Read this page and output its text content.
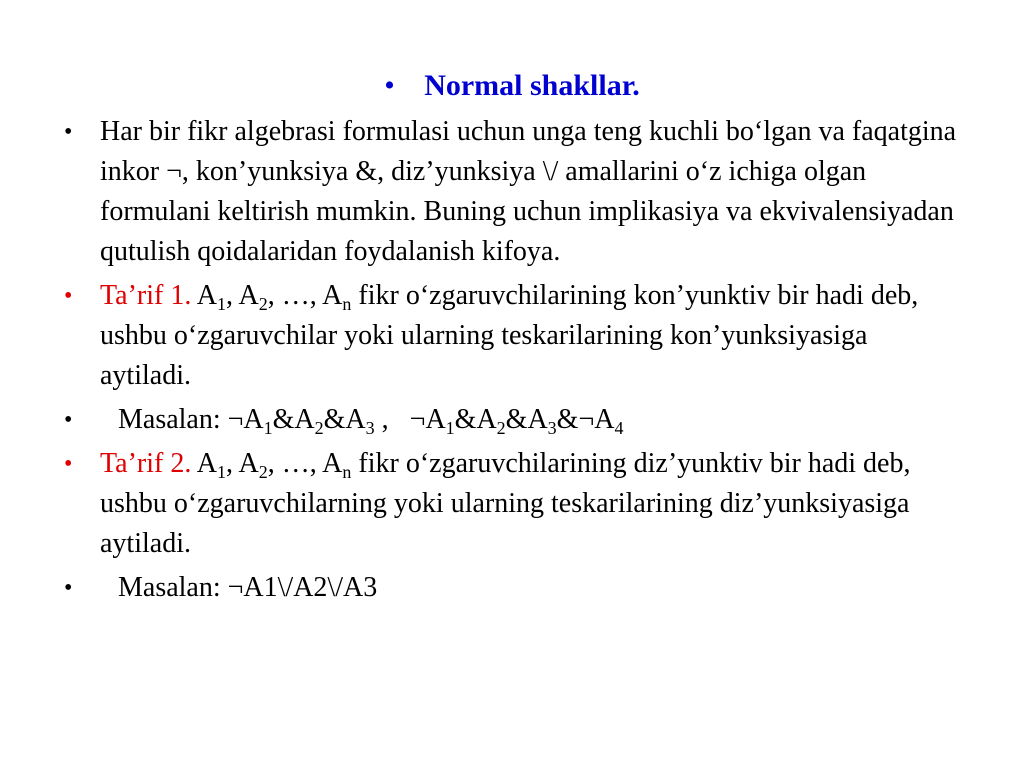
• Normal shakllar.
• Har bir fikr algebrasi formulasi uchun unga teng kuchli bo‘lgan va faqatgina inkor ¬, kon’yunksiya &, diz’yunksiya \/ amallarini o‘z ichiga olgan formulani keltirish mumkin. Buning uchun implikasiya va ekvivalensiyadan qutulish qoidalaridan foydalanish kifoya.
• Ta’rif 1. $A_1$, $A_2$, …, $A_n$ fikr o‘zgaruvchilarining kon’yunktiv bir hadi deb, ushbu o‘zgaruvchilar yoki ularning teskarilarining kon’yunksiyasiga aytiladi.
• Masalan: $\neg A_1\&A_2\&A_3$ ,   $\neg A_1\&A_2\&A_3\&\neg A_4$
• Ta’rif 2. $A_1$, $A_2$, …, $A_n$ fikr o‘zgaruvchilarining diz’yunktiv bir hadi deb, ushbu o‘zgaruvchilarning yoki ularning teskarilarining diz’yunksiyasiga aytiladi.
• Masalan: ¬A1\/A2\/A3
